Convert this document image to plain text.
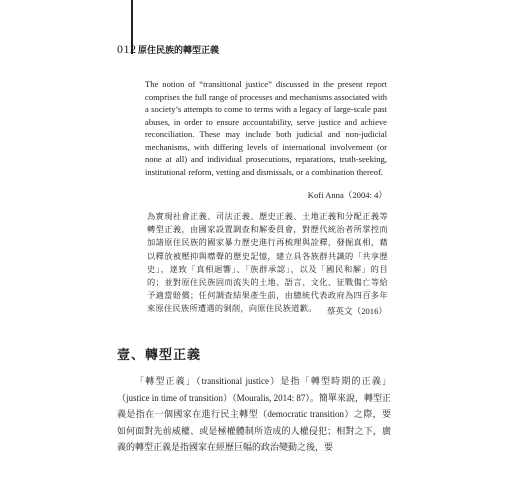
012 原住民族的轉型正義

The notion of “transitional justice” discussed in the present report comprises the full range of processes and mechanisms associated with a society’s attempts to come to terms with a legacy of large-scale past abuses, in order to ensure accountability, serve justice and achieve reconciliation. These may include both judicial and non-judicial mechanisms, with differing levels of international involvement (or none at all) and individual prosecutions, reparations, truth-seeking, institutional reform, vetting and dismissals, or a combination thereof.

Kofi Anna（2004: 4）

為實現社會正義、司法正義、歷史正義、土地正義和分配正義等轉型正義，由國家設置調查和解委員會，對歷代統治者所掌控而加諸原住民族的國家暴力歷史進行再梳理與詮釋，發掘真相，藉以釋放被壓抑與噤聲的歷史記憶，建立具各族群共識的「共享歷史」，達致「真相迴響」、「族群承認」，以及「國民和解」的目的；並對原住民族固而流失的土地、語言、文化、征戰傷亡等給予適當賠償；任何調查結果產生前，由總統代表政府為四百多年來原住民族所遭遇的剝削，向原住民族道歉。	蔡英文（2016）
壹、轉型正義

「轉型正義」（transitional justice）是指「轉型時期的正義」（justice in time of transition）（Mouralis, 2014: 87）。簡單來說，轉型正義是指在一個國家在進行民主轉型（democratic transition）之際，要如何面對先前威權、或是極權體制所造成的人權侵犯；相對之下，廣義的轉型正義是指國家在經歷巨幅的政治變動之後，要
